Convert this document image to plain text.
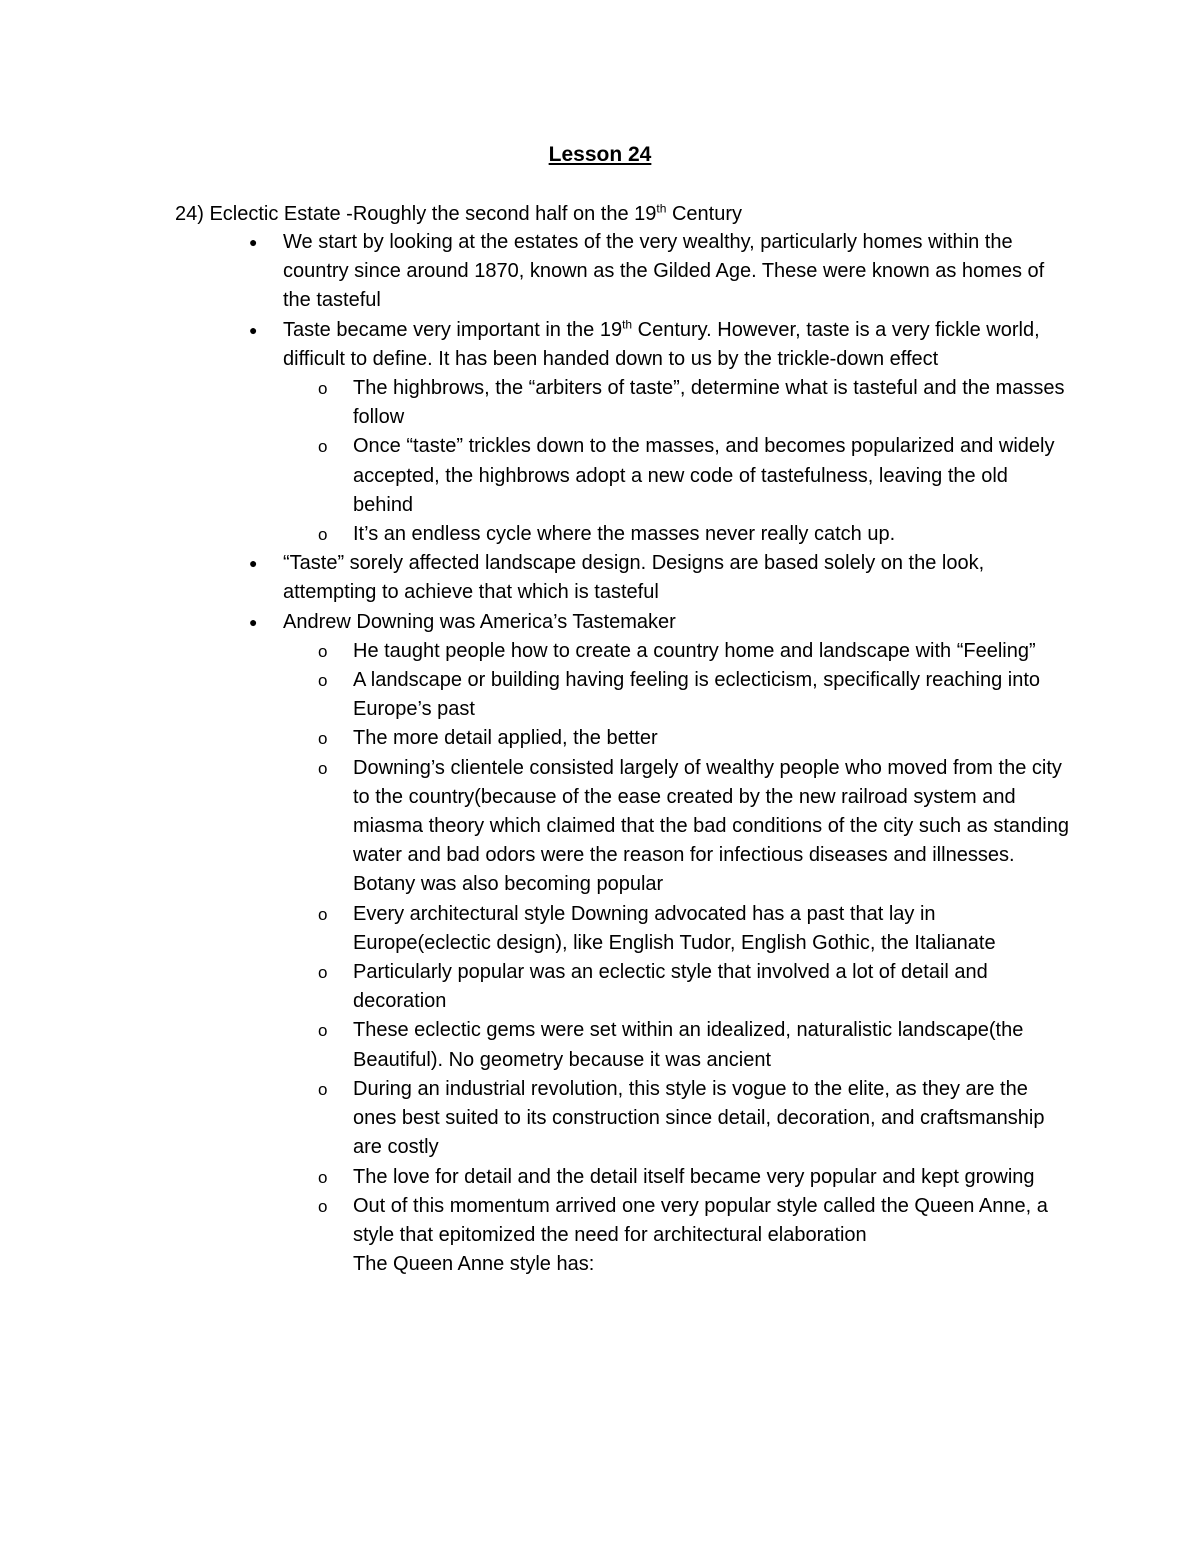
Lesson 24
24) Eclectic Estate -Roughly the second half on the 19th Century
● We start by looking at the estates of the very wealthy, particularly homes within the country since around 1870, known as the Gilded Age. These were known as homes of the tasteful
● Taste became very important in the 19th Century. However, taste is a very fickle world, difficult to define. It has been handed down to us by the trickle-down effect
o The highbrows, the “arbiters of taste”, determine what is tasteful and the masses follow
o Once “taste” trickles down to the masses, and becomes popularized and widely accepted, the highbrows adopt a new code of tastefulness, leaving the old behind
o It’s an endless cycle where the masses never really catch up.
● “Taste” sorely affected landscape design. Designs are based solely on the look, attempting to achieve that which is tasteful
● Andrew Downing was America’s Tastemaker
o He taught people how to create a country home and landscape with “Feeling”
o A landscape or building having feeling is eclecticism, specifically reaching into Europe’s past
o The more detail applied, the better
o Downing’s clientele consisted largely of wealthy people who moved from the city to the country(because of the ease created by the new railroad system and miasma theory which claimed that the bad conditions of the city such as standing water and bad odors were the reason for infectious diseases and illnesses. Botany was also becoming popular
o Every architectural style Downing advocated has a past that lay in Europe(eclectic design), like English Tudor, English Gothic, the Italianate
o Particularly popular was an eclectic style that involved a lot of detail and decoration
o These eclectic gems were set within an idealized, naturalistic landscape(the Beautiful). No geometry because it was ancient
o During an industrial revolution, this style is vogue to the elite, as they are the ones best suited to its construction since detail, decoration, and craftsmanship are costly
o The love for detail and the detail itself became very popular and kept growing
o Out of this momentum arrived one very popular style called the Queen Anne, a style that epitomized the need for architectural elaboration
The Queen Anne style has:
